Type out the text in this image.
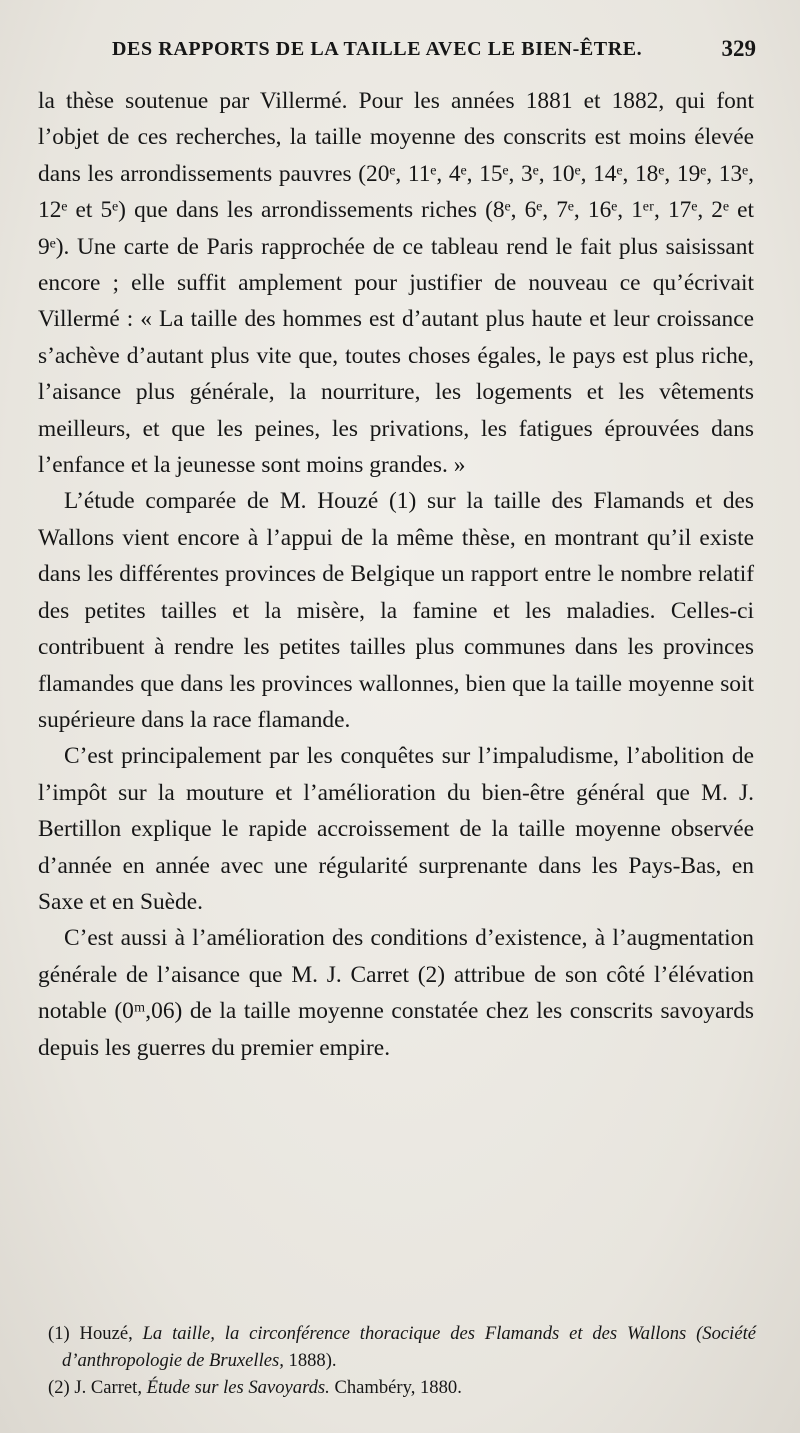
DES RAPPORTS DE LA TAILLE AVEC LE BIEN-ÊTRE.	329

la thèse soutenue par Villermé. Pour les années 1881 et 1882, qui font l’objet de ces recherches, la taille moyenne des conscrits est moins élevée dans les arrondissements pauvres (20ᵉ, 11ᵉ, 4ᵉ, 15ᵉ, 3ᵉ, 10ᵉ, 14ᵉ, 18ᵉ, 19ᵉ, 13ᵉ, 12ᵉ et 5ᵉ) que dans les arrondissements riches (8ᵉ, 6ᵉ, 7ᵉ, 16ᵉ, 1ᵉʳ, 17ᵉ, 2ᵉ et 9ᵉ). Une carte de Paris rapprochée de ce tableau rend le fait plus saisissant encore ; elle suffit amplement pour justifier de nouveau ce qu’écrivait Villermé : « La taille des hommes est d’autant plus haute et leur croissance s’achève d’autant plus vite que, toutes choses égales, le pays est plus riche, l’aisance plus générale, la nourriture, les logements et les vêtements meilleurs, et que les peines, les privations, les fatigues éprouvées dans l’enfance et la jeunesse sont moins grandes. »

L’étude comparée de M. Houzé (1) sur la taille des Flamands et des Wallons vient encore à l’appui de la même thèse, en montrant qu’il existe dans les différentes provinces de Belgique un rapport entre le nombre relatif des petites tailles et la misère, la famine et les maladies. Celles-ci contribuent à rendre les petites tailles plus communes dans les provinces flamandes que dans les provinces wallonnes, bien que la taille moyenne soit supérieure dans la race flamande.

C’est principalement par les conquêtes sur l’impaludisme, l’abolition de l’impôt sur la mouture et l’amélioration du bien-être général que M. J. Bertillon explique le rapide accroissement de la taille moyenne observée d’année en année avec une régularité surprenante dans les Pays-Bas, en Saxe et en Suède.

C’est aussi à l’amélioration des conditions d’existence, à l’augmentation générale de l’aisance que M. J. Carret (2) attribue de son côté l’élévation notable (0ᵐ,06) de la taille moyenne constatée chez les conscrits savoyards depuis les guerres du premier empire.

(1) Houzé, La taille, la circonférence thoracique des Flamands et des Wallons (Société d’anthropologie de Bruxelles, 1888).

(2) J. Carret, Étude sur les Savoyards. Chambéry, 1880.
